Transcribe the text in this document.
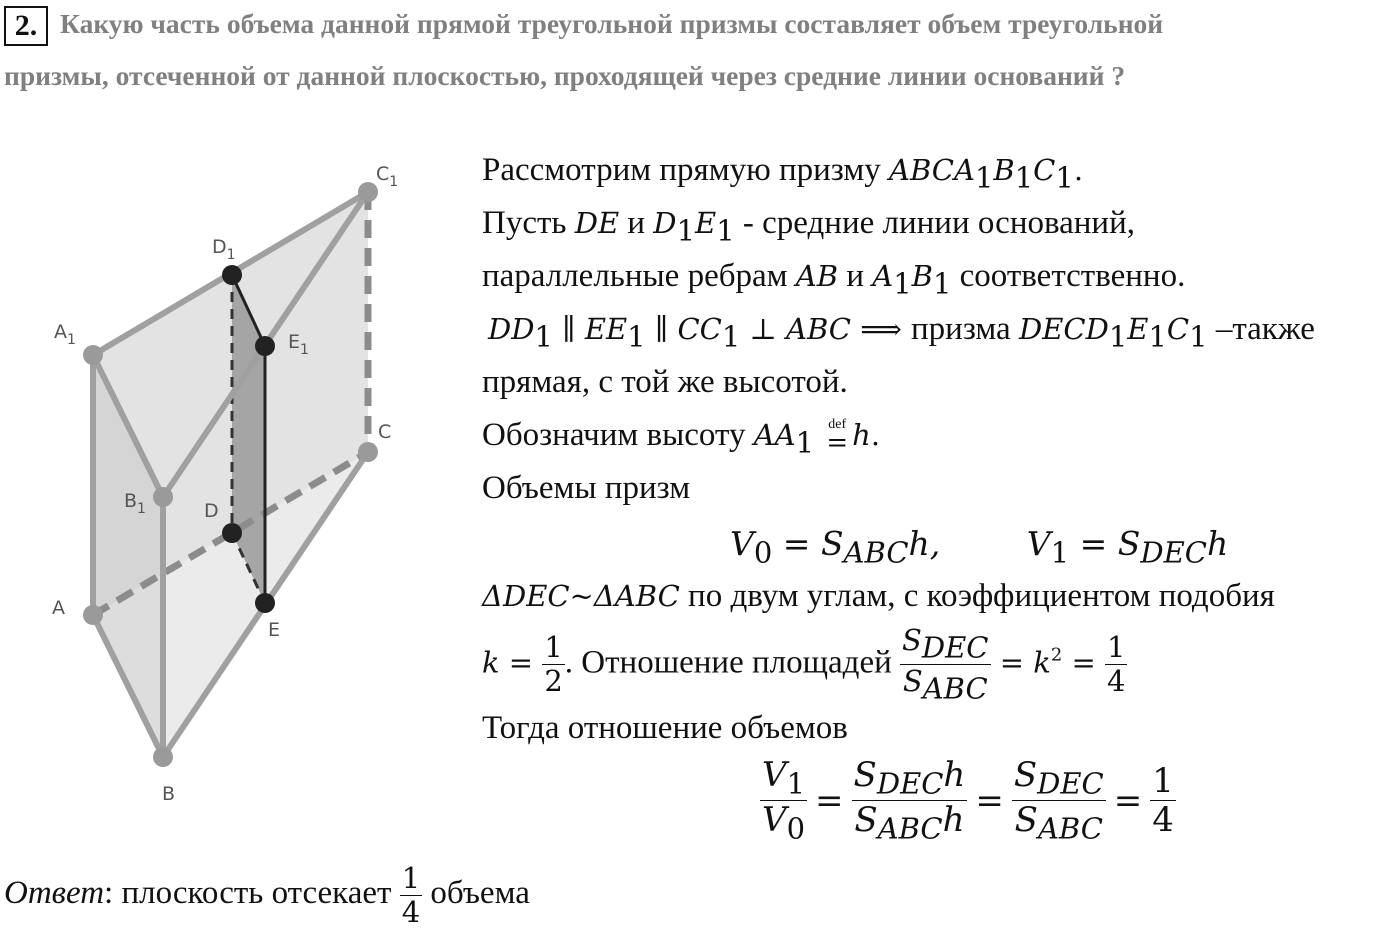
2. Какую часть объема данной прямой треугольной призмы составляет объем треугольной
призмы, отсеченной от данной плоскостью, проходящей через средние линии оснований ?
$C_1$
$D_1$
$A_1$	$E_1$
C
$B_1$	D
A
E
B
Рассмотрим прямую призму $ABCA_1B_1C_1$.
Пусть DE и $D_1E_1$ - средние линии оснований,
параллельные ребрам AB и $A_1B_1$ соответственно.
$DD_1$ ∥ $EE_1$ ∥ $CC_1$ ⊥ ABC ⟹ призма $DECD_1E_1C_1$ –также
прямая, с той же высотой.
Обозначим высоту $AA_1$
def
= h.
Объемы призм
$V_0 = S_{ABC}h$,	$V_1 = S_{DEC}h$
ΔDEC~ΔABC по двум углам, с коэффициентом подобия
$k = \frac{1}{2}$ . Отношение площадей $\frac{S_{DEC}}{S_{ABC}} = k^2 = \frac{1}{4}$
Тогда отношение объемов
$\frac{V_1}{V_0} = \frac{S_{DEC}h}{S_{ABC}h} = \frac{S_{DEC}}{S_{ABC}} = \frac{1}{4}$
Ответ: плоскость отсекает $\frac{1}{4}$ объема
